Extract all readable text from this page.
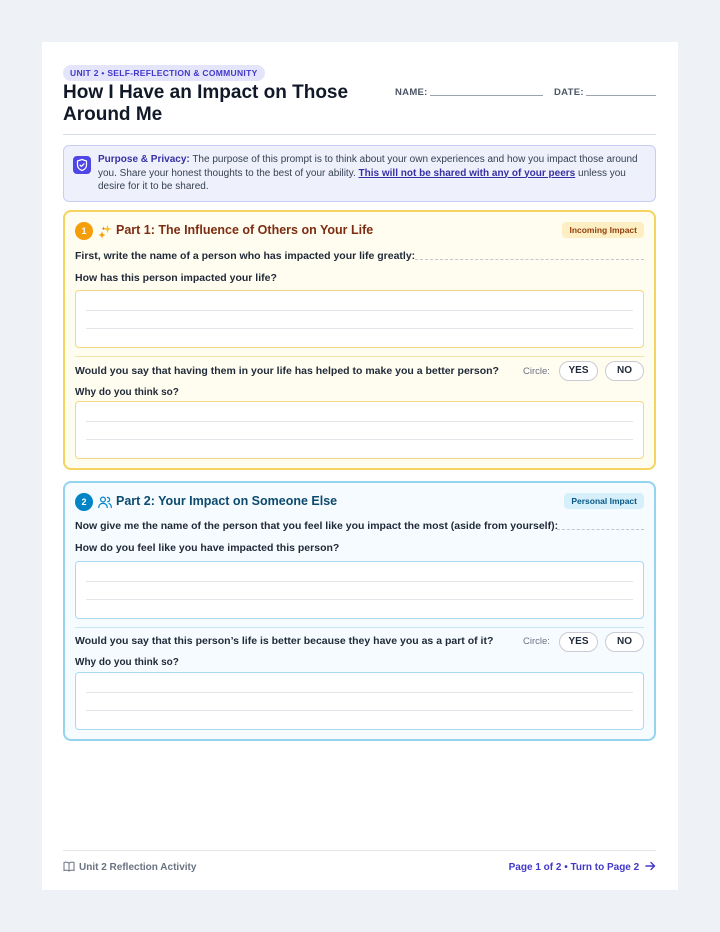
UNIT 2 • SELF-REFLECTION & COMMUNITY
How I Have an Impact on Those Around Me
NAME:	DATE:
Purpose & Privacy: The purpose of this prompt is to think about your own experiences and how you impact those around you. Share your honest thoughts to the best of your ability. This will not be shared with any of your peers unless you desire for it to be shared.
1	Part 1: The Influence of Others on Your Life	Incoming Impact
First, write the name of a person who has impacted your life greatly:
How has this person impacted your life?
Would you say that having them in your life has helped to make you a better person?	Circle:	YES	NO
Why do you think so?
2	Part 2: Your Impact on Someone Else	Personal Impact
Now give me the name of the person that you feel like you impact the most (aside from yourself):
How do you feel like you have impacted this person?
Would you say that this person’s life is better because they have you as a part of it?	Circle:	YES	NO
Why do you think so?
Unit 2 Reflection Activity	Page 1 of 2 • Turn to Page 2
